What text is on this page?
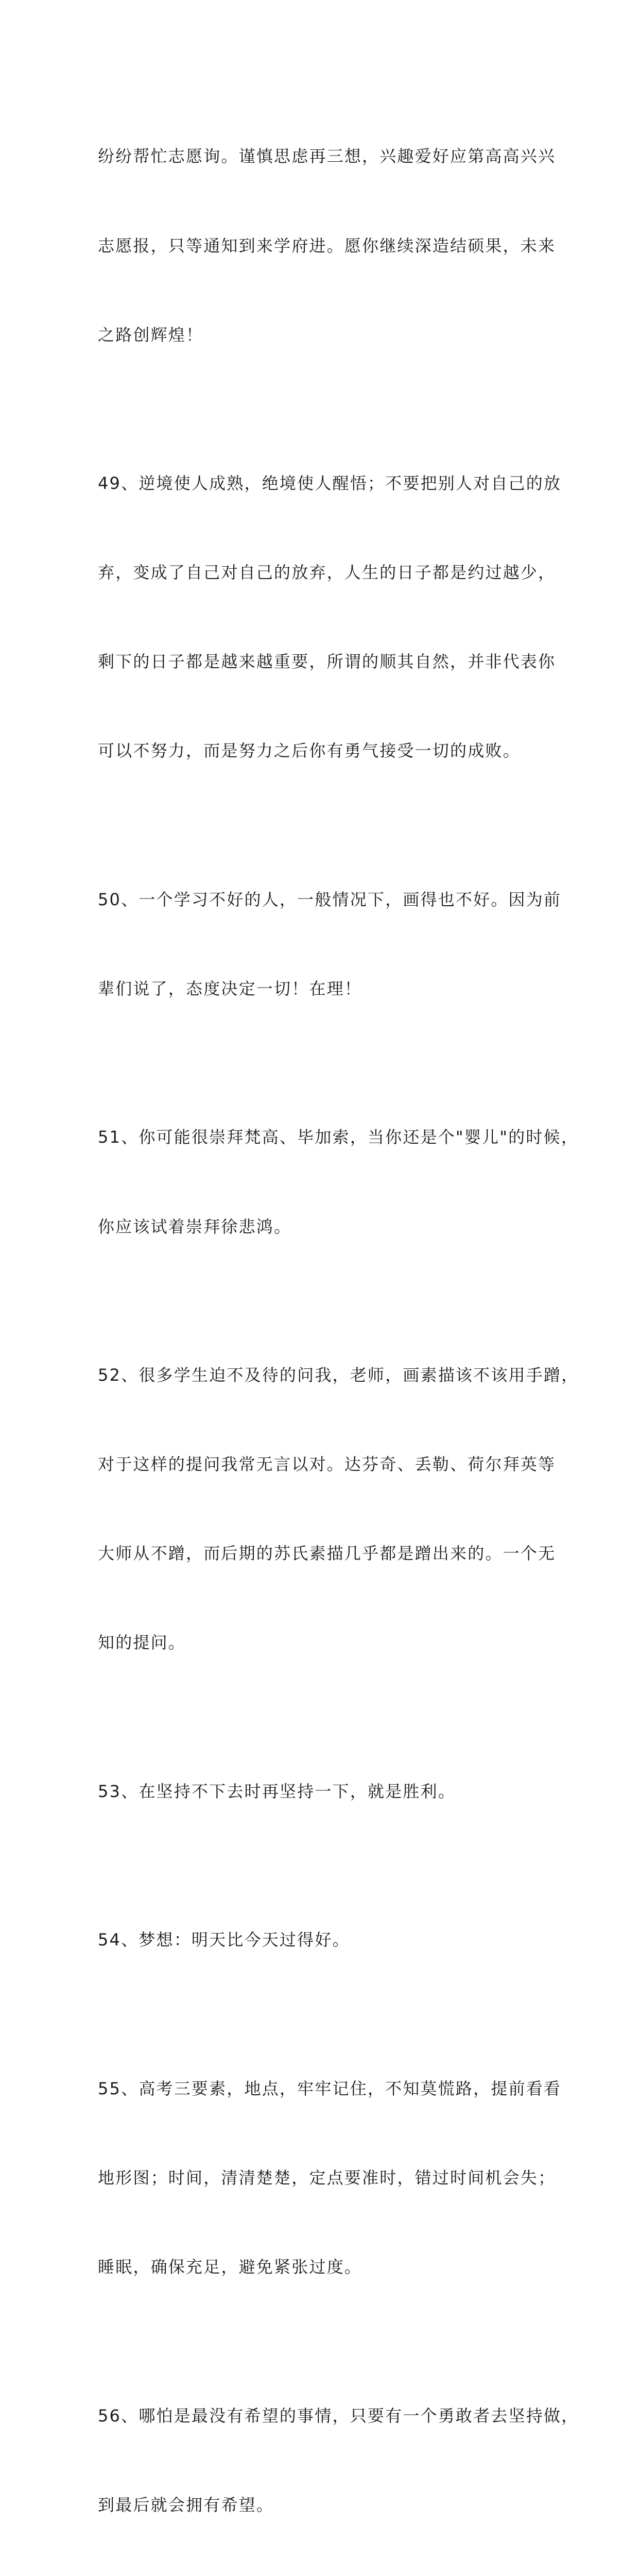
纷纷帮忙志愿询。谨慎思虑再三想，兴趣爱好应第高高兴兴

志愿报，只等通知到来学府进。愿你继续深造结硕果，未来

之路创辉煌！

49、逆境使人成熟，绝境使人醒悟；不要把别人对自己的放

弃，变成了自己对自己的放弃，人生的日子都是约过越少，

剩下的日子都是越来越重要，所谓的顺其自然，并非代表你

可以不努力，而是努力之后你有勇气接受一切的成败。

50、一个学习不好的人，一般情况下，画得也不好。因为前

辈们说了，态度决定一切！在理！

51、你可能很崇拜梵高、毕加索，当你还是个"婴儿"的时候，

你应该试着崇拜徐悲鸿。

52、很多学生迫不及待的问我，老师，画素描该不该用手蹭，

对于这样的提问我常无言以对。达芬奇、丢勒、荷尔拜英等

大师从不蹭，而后期的苏氏素描几乎都是蹭出来的。一个无

知的提问。

53、在坚持不下去时再坚持一下，就是胜利。

54、梦想：明天比今天过得好。

55、高考三要素，地点，牢牢记住，不知莫慌路，提前看看

地形图；时间，清清楚楚，定点要准时，错过时间机会失；

睡眠，确保充足，避免紧张过度。

56、哪怕是最没有希望的事情，只要有一个勇敢者去坚持做，

到最后就会拥有希望。
